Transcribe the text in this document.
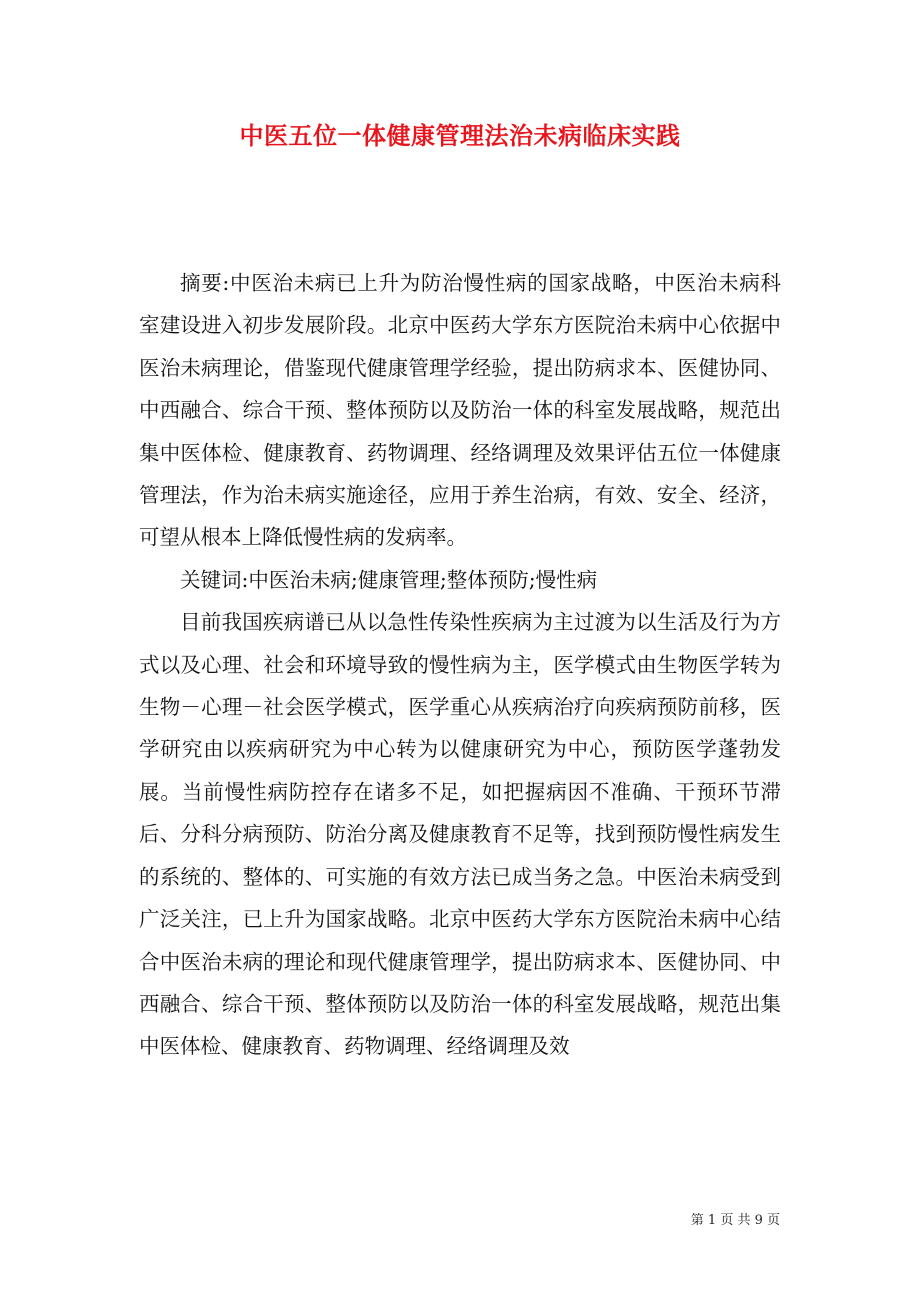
中医五位一体健康管理法治未病临床实践

摘要:中医治未病已上升为防治慢性病的国家战略，中医治未病科室建设进入初步发展阶段。北京中医药大学东方医院治未病中心依据中医治未病理论，借鉴现代健康管理学经验，提出防病求本、医健协同、中西融合、综合干预、整体预防以及防治一体的科室发展战略，规范出集中医体检、健康教育、药物调理、经络调理及效果评估五位一体健康管理法，作为治未病实施途径，应用于养生治病，有效、安全、经济，可望从根本上降低慢性病的发病率。

关键词:中医治未病;健康管理;整体预防;慢性病

目前我国疾病谱已从以急性传染性疾病为主过渡为以生活及行为方式以及心理、社会和环境导致的慢性病为主，医学模式由生物医学转为生物－心理－社会医学模式，医学重心从疾病治疗向疾病预防前移，医学研究由以疾病研究为中心转为以健康研究为中心，预防医学蓬勃发展。当前慢性病防控存在诸多不足，如把握病因不准确、干预环节滞后、分科分病预防、防治分离及健康教育不足等，找到预防慢性病发生的系统的、整体的、可实施的有效方法已成当务之急。中医治未病受到广泛关注，已上升为国家战略。北京中医药大学东方医院治未病中心结合中医治未病的理论和现代健康管理学，提出防病求本、医健协同、中西融合、综合干预、整体预防以及防治一体的科室发展战略，规范出集中医体检、健康教育、药物调理、经络调理及效

第 1 页 共 9 页
